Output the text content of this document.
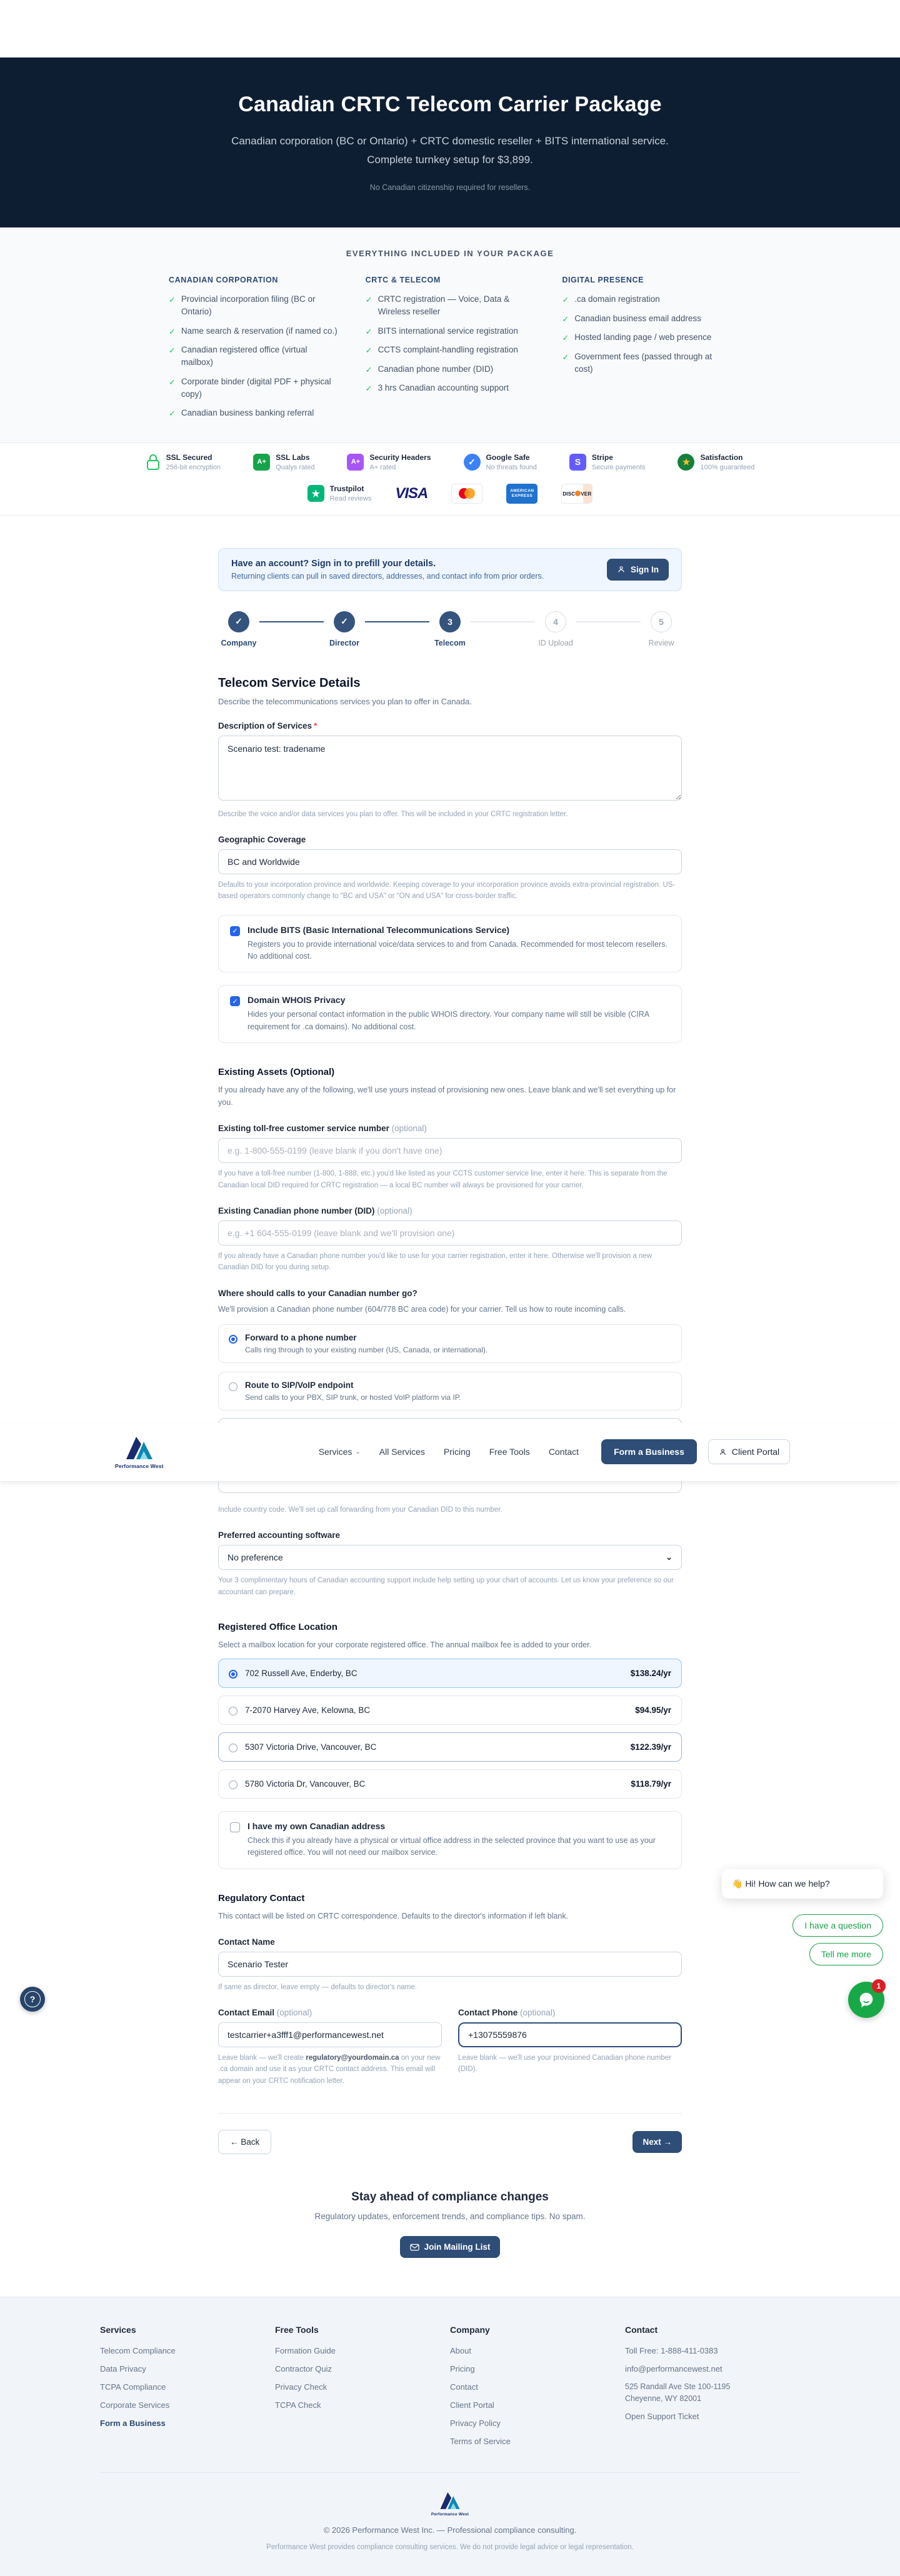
Canadian CRTC Telecom Carrier Package

Canadian corporation (BC or Ontario) + CRTC domestic reseller + BITS international service. Complete turnkey setup for $3,899.

No Canadian citizenship required for resellers.

EVERYTHING INCLUDED IN YOUR PACKAGE
CANADIAN CORPORATION
✓ Provincial incorporation filing (BC or Ontario)
✓ Name search & reservation (if named co.)
✓ Canadian registered office (virtual mailbox)
✓ Corporate binder (digital PDF + physical copy)
✓ Canadian business banking referral
CRTC & TELECOM
✓ CRTC registration — Voice, Data & Wireless reseller
✓ BITS international service registration
✓ CCTS complaint-handling registration
✓ Canadian phone number (DID)
✓ 3 hrs Canadian accounting support
DIGITAL PRESENCE
✓ .ca domain registration
✓ Canadian business email address
✓ Hosted landing page / web presence
✓ Government fees (passed through at cost)
SSL Secured
256-bit encryption
A+
SSL Labs
Qualys rated
A+
Security Headers
A+ rated
✓	Google Safe
No threats found
S	Stripe
Secure payments
★	Satisfaction
100% guaranteed
★	Trustpilot
Read reviews VISA	AMERICAN
EXPRESS	DISC VER
Have an account? Sign in to prefill your details.
Returning clients can pull in saved directors, addresses, and contact info from prior orders.
Sign In
✓
Company
✓
Director
3
Telecom
4
ID Upload
5
Review
Telecom Service Details

Describe the telecommunications services you plan to offer in Canada.

Description of Services *
Scenario test: tradename
Describe the voice and/or data services you plan to offer. This will be included in your CRTC registration letter.
Geographic Coverage
BC and Worldwide
Defaults to your incorporation province and worldwide. Keeping coverage to your incorporation province avoids extra-provincial registration. US-based operators commonly change to "BC and USA" or "ON and USA" for cross-border traffic.
✓ Include BITS (Basic International Telecommunications Service)
Registers you to provide international voice/data services to and from Canada. Recommended for most telecom resellers. No additional cost.
✓ Domain WHOIS Privacy
Hides your personal contact information in the public WHOIS directory. Your company name will still be visible (CIRA requirement for .ca domains). No additional cost.
Existing Assets (Optional)

If you already have any of the following, we'll use yours instead of provisioning new ones. Leave blank and we'll set everything up for you.

Existing toll-free customer service number (optional)
e.g. 1-800-555-0199 (leave blank if you don't have one)
If you have a toll-free number (1-800, 1-888, etc.) you'd like listed as your CCTS customer service line, enter it here. This is separate from the Canadian local DID required for CRTC registration — a local BC number will always be provisioned for your carrier.
Existing Canadian phone number (DID) (optional)
e.g. +1 604-555-0199 (leave blank and we'll provision one)
If you already have a Canadian phone number you'd like to use for your carrier registration, enter it here. Otherwise we'll provision a new Canadian DID for you during setup.
Where should calls to your Canadian number go?
We'll provision a Canadian phone number (604/778 BC area code) for your carrier. Tell us how to route incoming calls.
Forward to a phone number
Calls ring through to your existing number (US, Canada, or international).
Route to SIP/VoIP endpoint
Send calls to your PBX, SIP trunk, or hosted VoIP platform via IP.
Performance West
Services ⌄ All Services Pricing Free Tools Contact	Form a Business	Client Portal
Include country code. We'll set up call forwarding from your Canadian DID to this number.
Preferred accounting software
No preference	⌄
Your 3 complimentary hours of Canadian accounting support include help setting up your chart of accounts. Let us know your preference so our accountant can prepare.
Registered Office Location

Select a mailbox location for your corporate registered office. The annual mailbox fee is added to your order.

702 Russell Ave, Enderby, BC	$138.24/yr
7-2070 Harvey Ave, Kelowna, BC	$94.95/yr
5307 Victoria Drive, Vancouver, BC	$122.39/yr
5780 Victoria Dr, Vancouver, BC	$118.79/yr
I have my own Canadian address
Check this if you already have a physical or virtual office address in the selected province that you want to use as your registered office. You will not need our mailbox service.
Regulatory Contact

This contact will be listed on CRTC correspondence. Defaults to the director's information if left blank.

Contact Name
Scenario Tester
If same as director, leave empty — defaults to director's name.
Contact Email (optional)
testcarrier+a3fff1@performancewest.net
Leave blank — we'll create regulatory@yourdomain.ca on your new .ca domain and use it as your CRTC contact address. This email will appear on your CRTC notification letter.
Contact Phone (optional)
+13075559876
Leave blank — we'll use your provisioned Canadian phone number (DID).
👋 Hi! How can we help?
I have a question
Tell me more
1
?
← Back	Next →
Stay ahead of compliance changes

Regulatory updates, enforcement trends, and compliance tips. No spam.

Join Mailing List
Services
Telecom Compliance
Data Privacy
TCPA Compliance
Corporate Services
Form a Business
Free Tools
Formation Guide
Contractor Quiz
Privacy Check
TCPA Check
Company
About
Pricing
Contact
Client Portal
Privacy Policy
Terms of Service
Contact
Toll Free: 1-888-411-0383
info@performancewest.net
525 Randall Ave Ste 100-1195
Cheyenne, WY 82001
Open Support Ticket
Performance West
© 2026 Performance West Inc. — Professional compliance consulting.
Performance West provides compliance consulting services. We do not provide legal advice or legal representation.
